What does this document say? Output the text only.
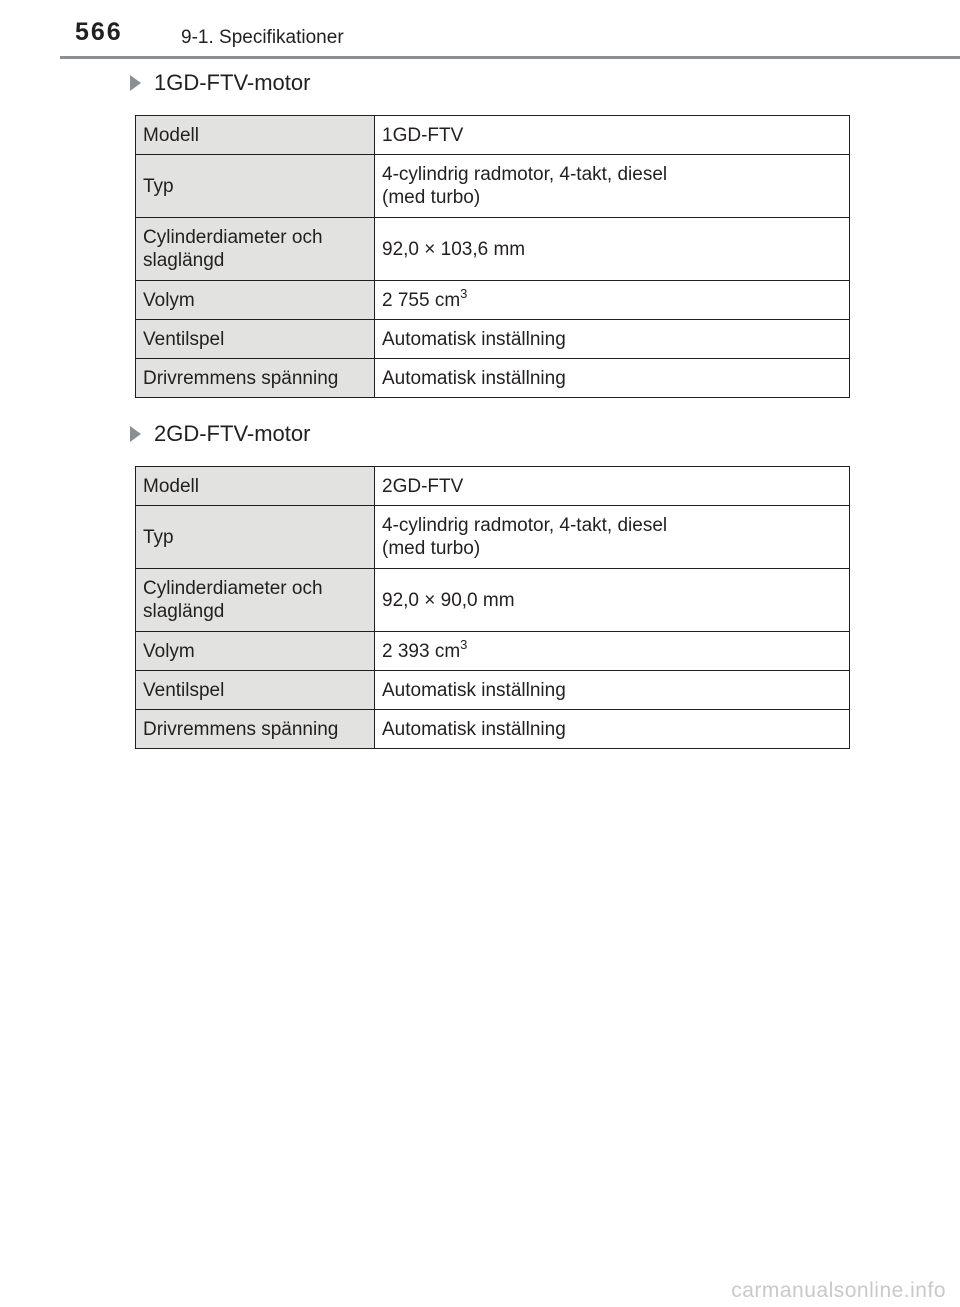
566	9-1. Specifikationer
1GD-FTV-motor
Modell	1GD-FTV
Typ	4-cylindrig radmotor, 4-takt, diesel
(med turbo)
Cylinderdiameter och
slaglängd	92,0 × 103,6 mm
Volym	2 755 $cm^3$
Ventilspel	Automatisk inställning
Drivremmens spänning	Automatisk inställning
2GD-FTV-motor
Modell	2GD-FTV
Typ	4-cylindrig radmotor, 4-takt, diesel
(med turbo)
Cylinderdiameter och
slaglängd	92,0 × 90,0 mm
Volym	2 393 $cm^3$
Ventilspel	Automatisk inställning
Drivremmens spänning	Automatisk inställning
carmanualsonline.info
